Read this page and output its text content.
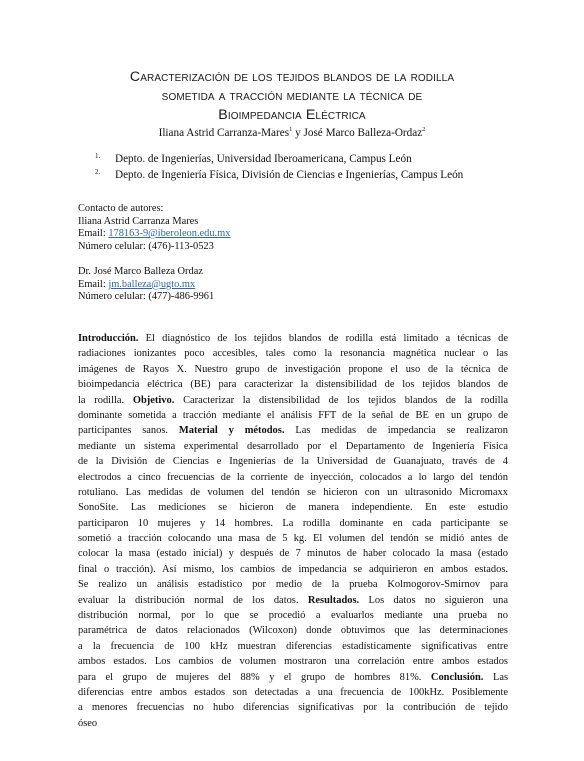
Caracterización de los tejidos blandos de la rodilla
sometida a tracción mediante la técnica de
Bioimpedancia Eléctrica
Iliana Astrid Carranza-Mares$^1$ y José Marco Balleza-Ordaz$^2$
1. Depto. de Ingenierías, Universidad Iberoamericana, Campus León
2. Depto. de Ingeniería Física, División de Ciencias e Ingenierías, Campus León
Contacto de autores:
Iliana Astrid Carranza Mares
Email: 178163-9@iberoleon.edu.mx
Número celular: (476)-113-0523
Dr. José Marco Balleza Ordaz
Email: jm.balleza@ugto.mx
Número celular: (477)-486-9961
Introducción. El diagnóstico de los tejidos blandos de rodilla está limitado a técnicas de
radiaciones ionizantes poco accesibles, tales como la resonancia magnética nuclear o las
imágenes de Rayos X. Nuestro grupo de investigación propone el uso de la técnica de
bioimpedancia eléctrica (BE) para caracterizar la distensibilidad de los tejidos blandos de
la rodilla. Objetivo. Caracterizar la distensibilidad de los tejidos blandos de la rodilla
dominante sometida a tracción mediante el análisis FFT de la señal de BE en un grupo de
participantes sanos. Material y métodos. Las medidas de impedancia se realizaron
mediante un sistema experimental desarrollado por el Departamento de Ingeniería Física
de la División de Ciencias e Ingenierías de la Universidad de Guanajuato, través de 4
electrodos a cinco frecuencias de la corriente de inyección, colocados a lo largo del tendón
rotuliano. Las medidas de volumen del tendón se hicieron con un ultrasonido Micromaxx
SonoSite. Las mediciones se hicieron de manera independiente. En este estudio
participaron 10 mujeres y 14 hombres. La rodilla dominante en cada participante se
sometió a tracción colocando una masa de 5 kg. El volumen del tendón se midió antes de
colocar la masa (estado inicial) y después de 7 minutos de haber colocado la masa (estado
final o tracción). Así mismo, los cambios de impedancia se adquirieron en ambos estados.
Se realizo un análisis estadístico por medio de la prueba Kolmogorov-Smirnov para
evaluar la distribución normal de los datos. Resultados. Los datos no siguieron una
distribución normal, por lo que se procedió a evaluarlos mediante una prueba no
paramétrica de datos relacionados (Wilcoxon) donde obtuvimos que las determinaciones
a la frecuencia de 100 kHz muestran diferencias estadísticamente significativas entre
ambos estados. Los cambios de volumen mostraron una correlación entre ambos estados
para el grupo de mujeres del 88% y el grupo de hombres 81%. Conclusión. Las
diferencias entre ambos estados son detectadas a una frecuencia de 100kHz. Posiblemente
a menores frecuencias no hubo diferencias significativas por la contribución de tejido
óseo
